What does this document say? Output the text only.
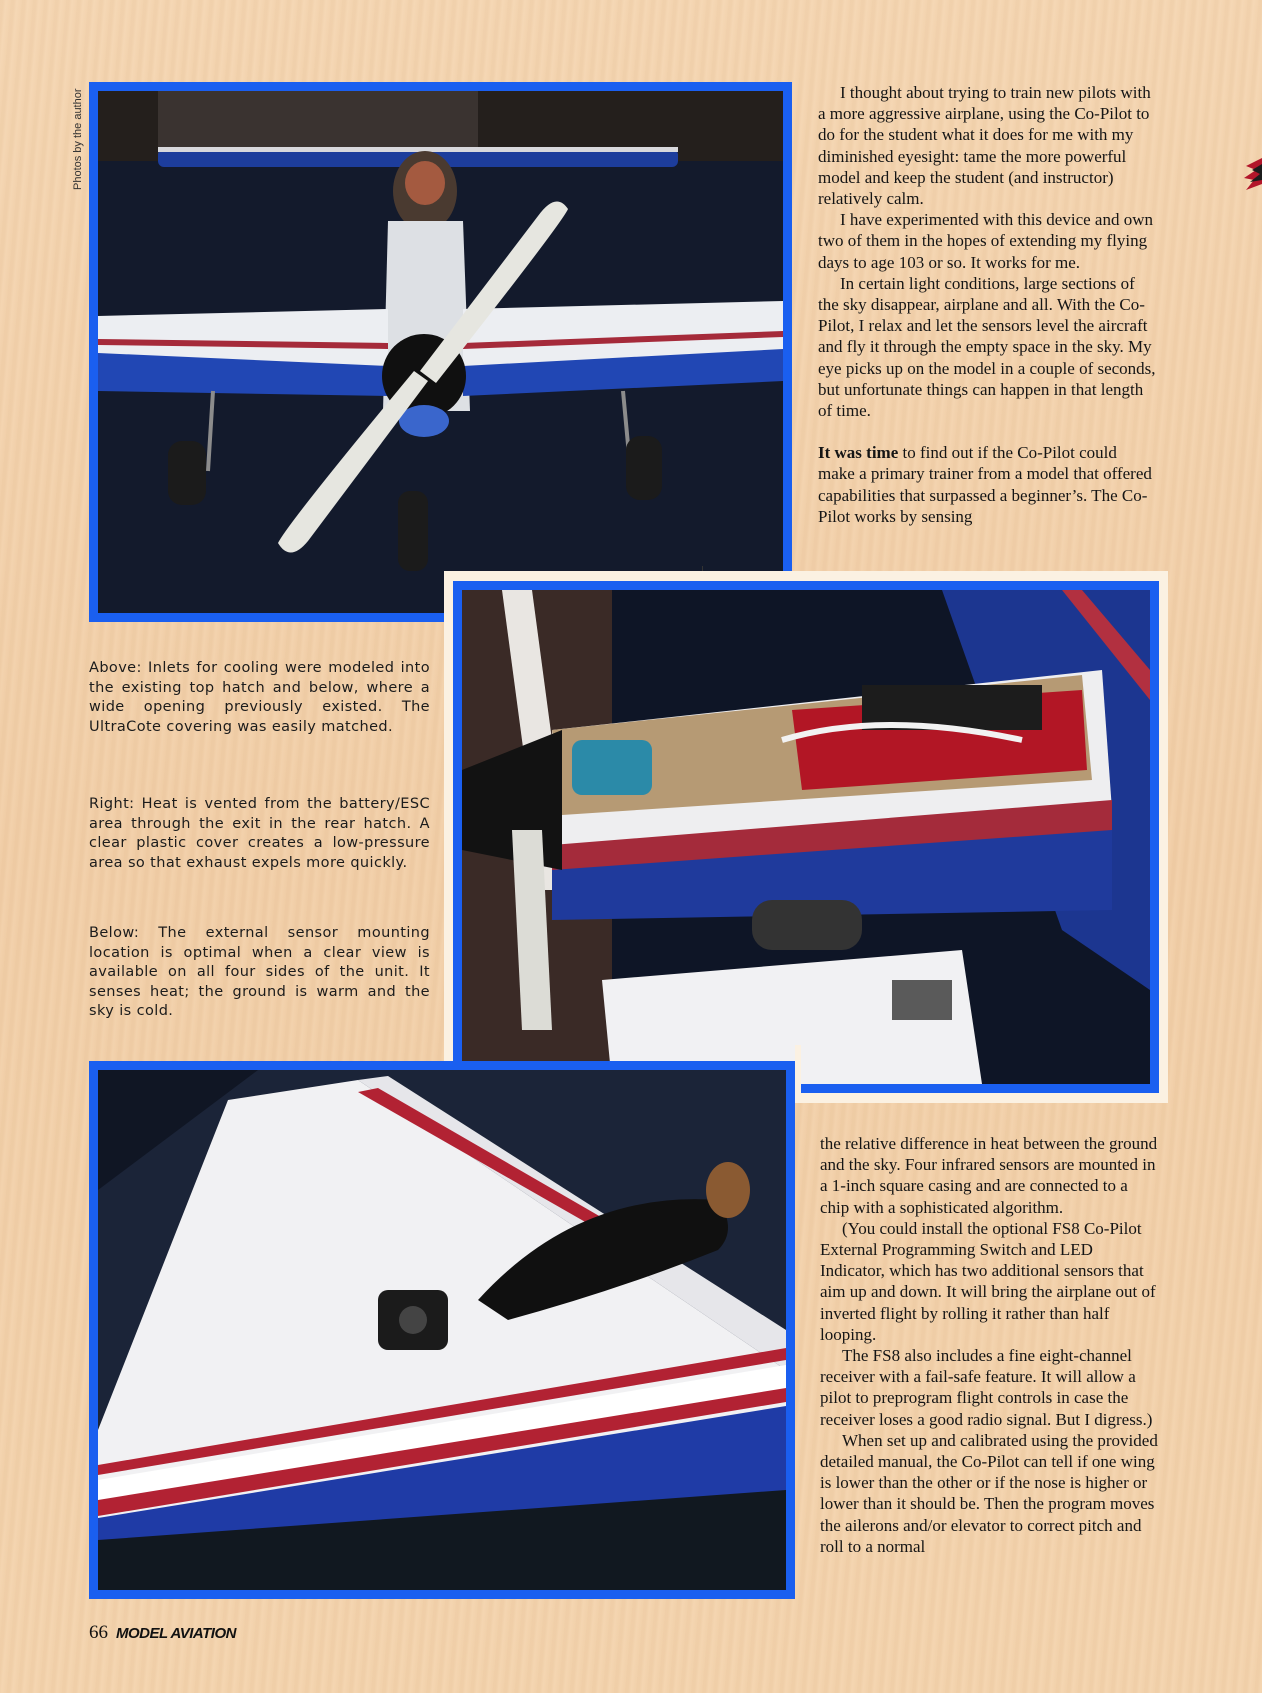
Photos by the author	I thought about trying to train new pilots with a more aggressive airplane, using the Co-Pilot to do for the student what it does for me with my diminished eyesight: tame the more powerful model and keep the student (and instructor) relatively calm.

I have experimented with this device and own two of them in the hopes of extending my flying days to age 103 or so. It works for me.

In certain light conditions, large sections of the sky disappear, airplane and all. With the Co-Pilot, I relax and let the sensors level the aircraft and fly it through the empty space in the sky. My eye picks up on the model in a couple of seconds, but unfortunate things can happen in that length of time.

It was time to find out if the Co-Pilot could make a primary trainer from a model that offered capabilities that surpassed a beginner’s. The Co-Pilot works by sensing

Above: Inlets for cooling were modeled into the existing top hatch and below, where a wide opening previously existed. The UltraCote covering was easily matched.
Right: Heat is vented from the battery/ESC area through the exit in the rear hatch. A clear plastic cover creates a low-pressure area so that exhaust expels more quickly.
Below: The external sensor mounting location is optimal when a clear view is available on all four sides of the unit. It senses heat; the ground is warm and the sky is cold.

the relative difference in heat between the ground and the sky. Four infrared sensors are mounted in a 1-inch square casing and are connected to a chip with a sophisticated algorithm.

(You could install the optional FS8 Co-Pilot External Programming Switch and LED Indicator, which has two additional sensors that aim up and down. It will bring the airplane out of inverted flight by rolling it rather than half looping.

The FS8 also includes a fine eight-channel receiver with a fail-safe feature. It will allow a pilot to preprogram flight controls in case the receiver loses a good radio signal. But I digress.)

When set up and calibrated using the provided detailed manual, the Co-Pilot can tell if one wing is lower than the other or if the nose is higher or lower than it should be. Then the program moves the ailerons and/or elevator to correct pitch and roll to a normal

66 MODEL AVIATION
